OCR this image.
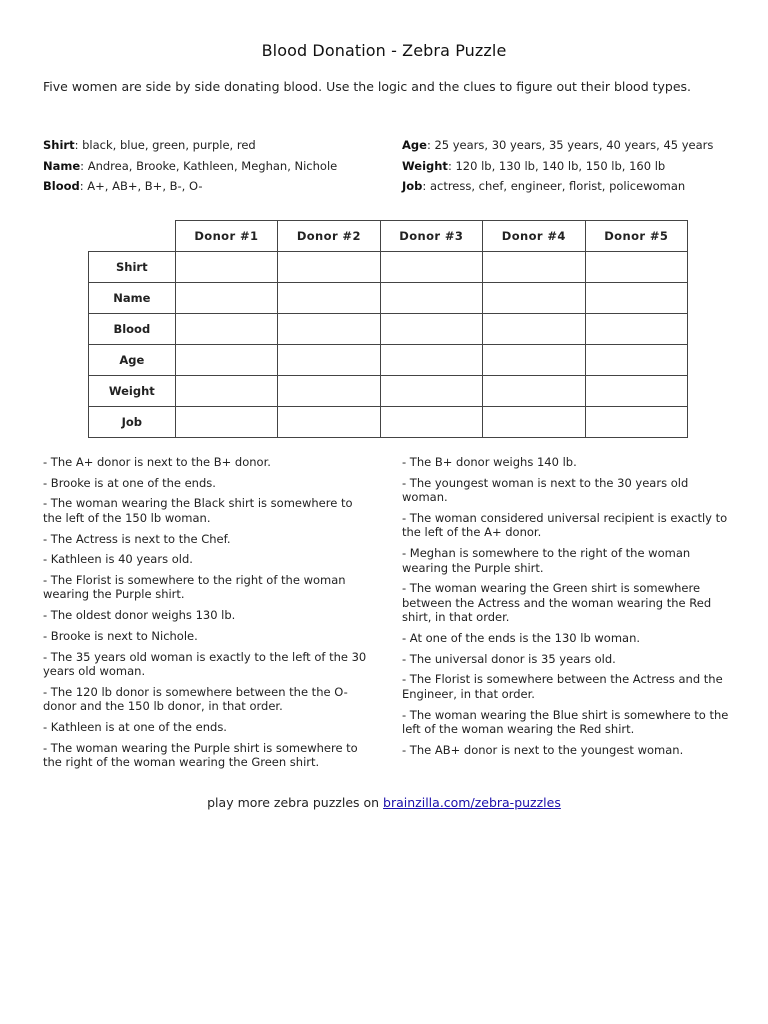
Blood Donation - Zebra Puzzle
Five women are side by side donating blood. Use the logic and the clues to figure out their blood types.
Shirt: black, blue, green, purple, red
Name: Andrea, Brooke, Kathleen, Meghan, Nichole
Blood: A+, AB+, B+, B-, O-
Age: 25 years, 30 years, 35 years, 40 years, 45 years
Weight: 120 lb, 130 lb, 140 lb, 150 lb, 160 lb
Job: actress, chef, engineer, florist, policewoman
	Donor #1	Donor #2	Donor #3	Donor #4	Donor #5
Shirt					
Name					
Blood					
Age					
Weight					
Job					
- The A+ donor is next to the B+ donor.
- Brooke is at one of the ends.
- The woman wearing the Black shirt is somewhere to the left of the 150 lb woman.
- The Actress is next to the Chef.
- Kathleen is 40 years old.
- The Florist is somewhere to the right of the woman wearing the Purple shirt.
- The oldest donor weighs 130 lb.
- Brooke is next to Nichole.
- The 35 years old woman is exactly to the left of the 30 years old woman.
- The 120 lb donor is somewhere between the the O- donor and the 150 lb donor, in that order.
- Kathleen is at one of the ends.
- The woman wearing the Purple shirt is somewhere to the right of the woman wearing the Green shirt.
- The B+ donor weighs 140 lb.
- The youngest woman is next to the 30 years old woman.
- The woman considered universal recipient is exactly to the left of the A+ donor.
- Meghan is somewhere to the right of the woman wearing the Purple shirt.
- The woman wearing the Green shirt is somewhere between the Actress and the woman wearing the Red shirt, in that order.
- At one of the ends is the 130 lb woman.
- The universal donor is 35 years old.
- The Florist is somewhere between the Actress and the Engineer, in that order.
- The woman wearing the Blue shirt is somewhere to the left of the woman wearing the Red shirt.
- The AB+ donor is next to the youngest woman.
play more zebra puzzles on brainzilla.com/zebra-puzzles
